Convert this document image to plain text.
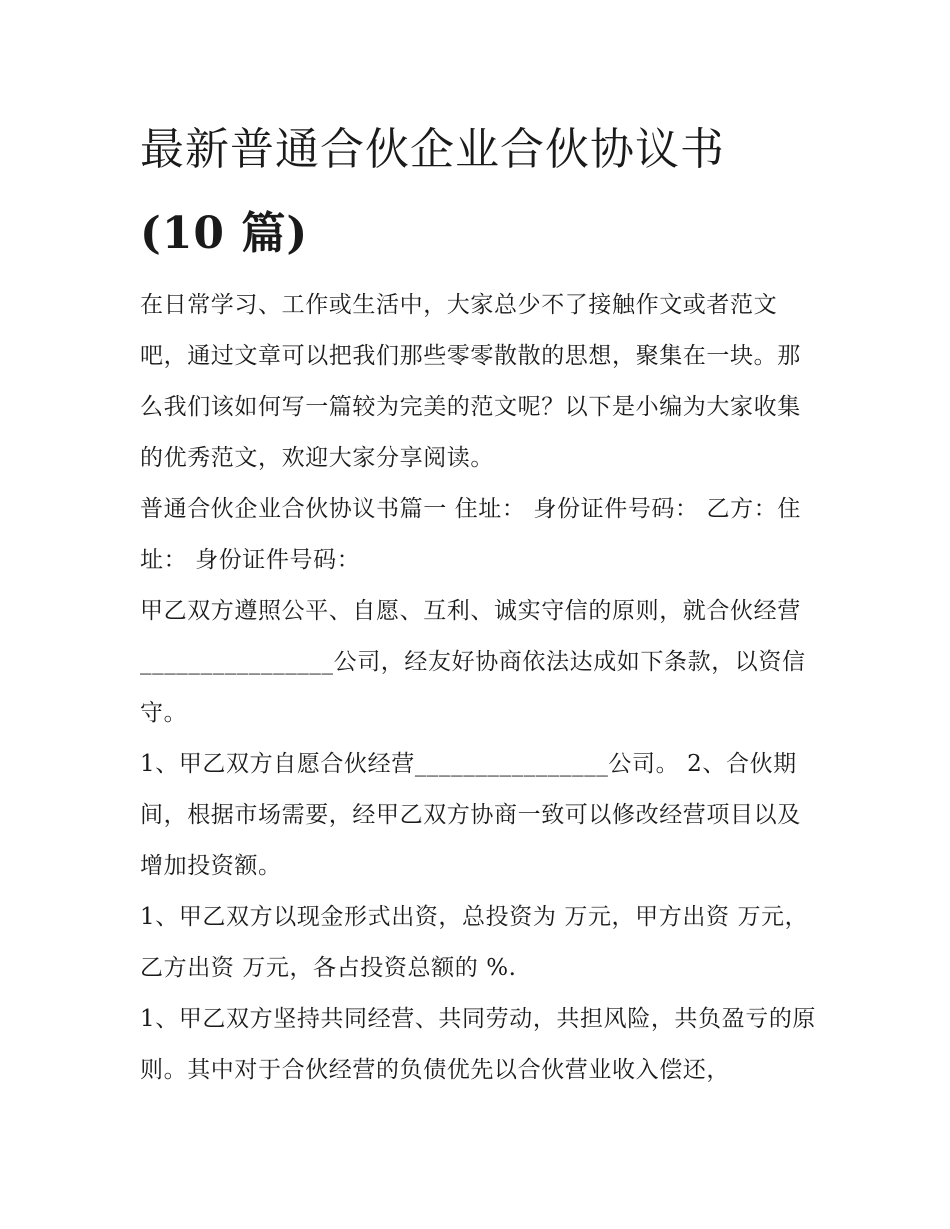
最新普通合伙企业合伙协议书
(10 篇)

在日常学习、工作或生活中，大家总少不了接触作文或者范文吧，通过文章可以把我们那些零零散散的思想，聚集在一块。那么我们该如何写一篇较为完美的范文呢？以下是小编为大家收集的优秀范文，欢迎大家分享阅读。

普通合伙企业合伙协议书篇一 住址： 身份证件号码： 乙方：住址： 身份证件号码：

甲乙双方遵照公平、自愿、互利、诚实守信的原则，就合伙经营________________公司，经友好协商依法达成如下条款，以资信守。

1、甲乙双方自愿合伙经营________________公司。 2、合伙期间，根据市场需要，经甲乙双方协商一致可以修改经营项目以及增加投资额。

1、甲乙双方以现金形式出资，总投资为 万元，甲方出资 万元，乙方出资 万元，各占投资总额的 %.

1、甲乙双方坚持共同经营、共同劳动，共担风险，共负盈亏的原则。其中对于合伙经营的负债优先以合伙营业收入偿还，
